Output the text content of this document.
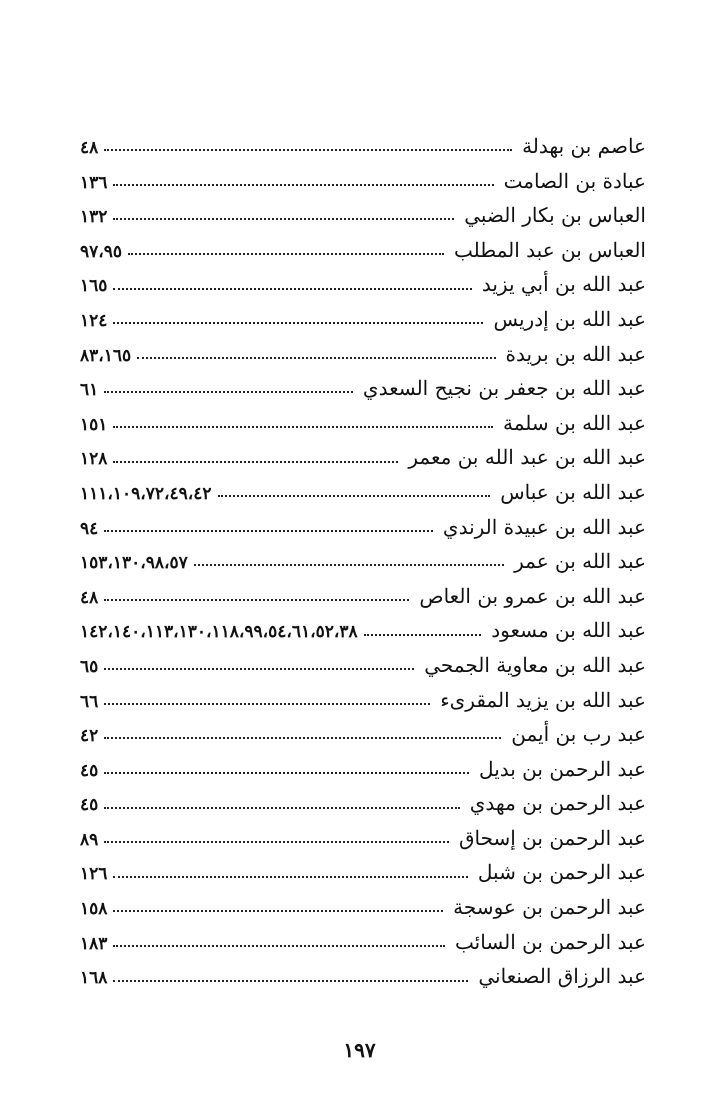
عاصم بن بهدلة
٤٨
عبادة بن الصامت
١٣٦
العباس بن بكار الضبي
١٣٢
العباس بن عبد المطلب
٩٧،٩٥
عبد الله بن أبي يزيد
١٦٥
عبد الله بن إدريس
١٢٤
عبد الله بن بريدة
٨٣،١٦٥
عبد الله بن جعفر بن نجيح السعدي
٦١
عبد الله بن سلمة
١٥١
عبد الله بن عبد الله بن معمر
١٢٨
عبد الله بن عباس
١١١،١٠٩،٧٢،٤٩،٤٢
عبد الله بن عبيدة الرندي
٩٤
عبد الله بن عمر
١٥٣،١٣٠،٩٨،٥٧
عبد الله بن عمرو بن العاص
٤٨
عبد الله بن مسعود
١٤٢،١٤٠،١١٣،١٣٠،١١٨،٩٩،٥٤،٦١،٥٢،٣٨
عبد الله بن معاوية الجمحي
٦٥
عبد الله بن يزيد المقرىء
٦٦
عبد رب بن أيمن
٤٢
عبد الرحمن بن بديل
٤٥
عبد الرحمن بن مهدي
٤٥
عبد الرحمن بن إسحاق
٨٩
عبد الرحمن بن شبل
١٢٦
عبد الرحمن بن عوسجة
١٥٨
عبد الرحمن بن السائب
١٨٣
عبد الرزاق الصنعاني
١٦٨
١٩٧
